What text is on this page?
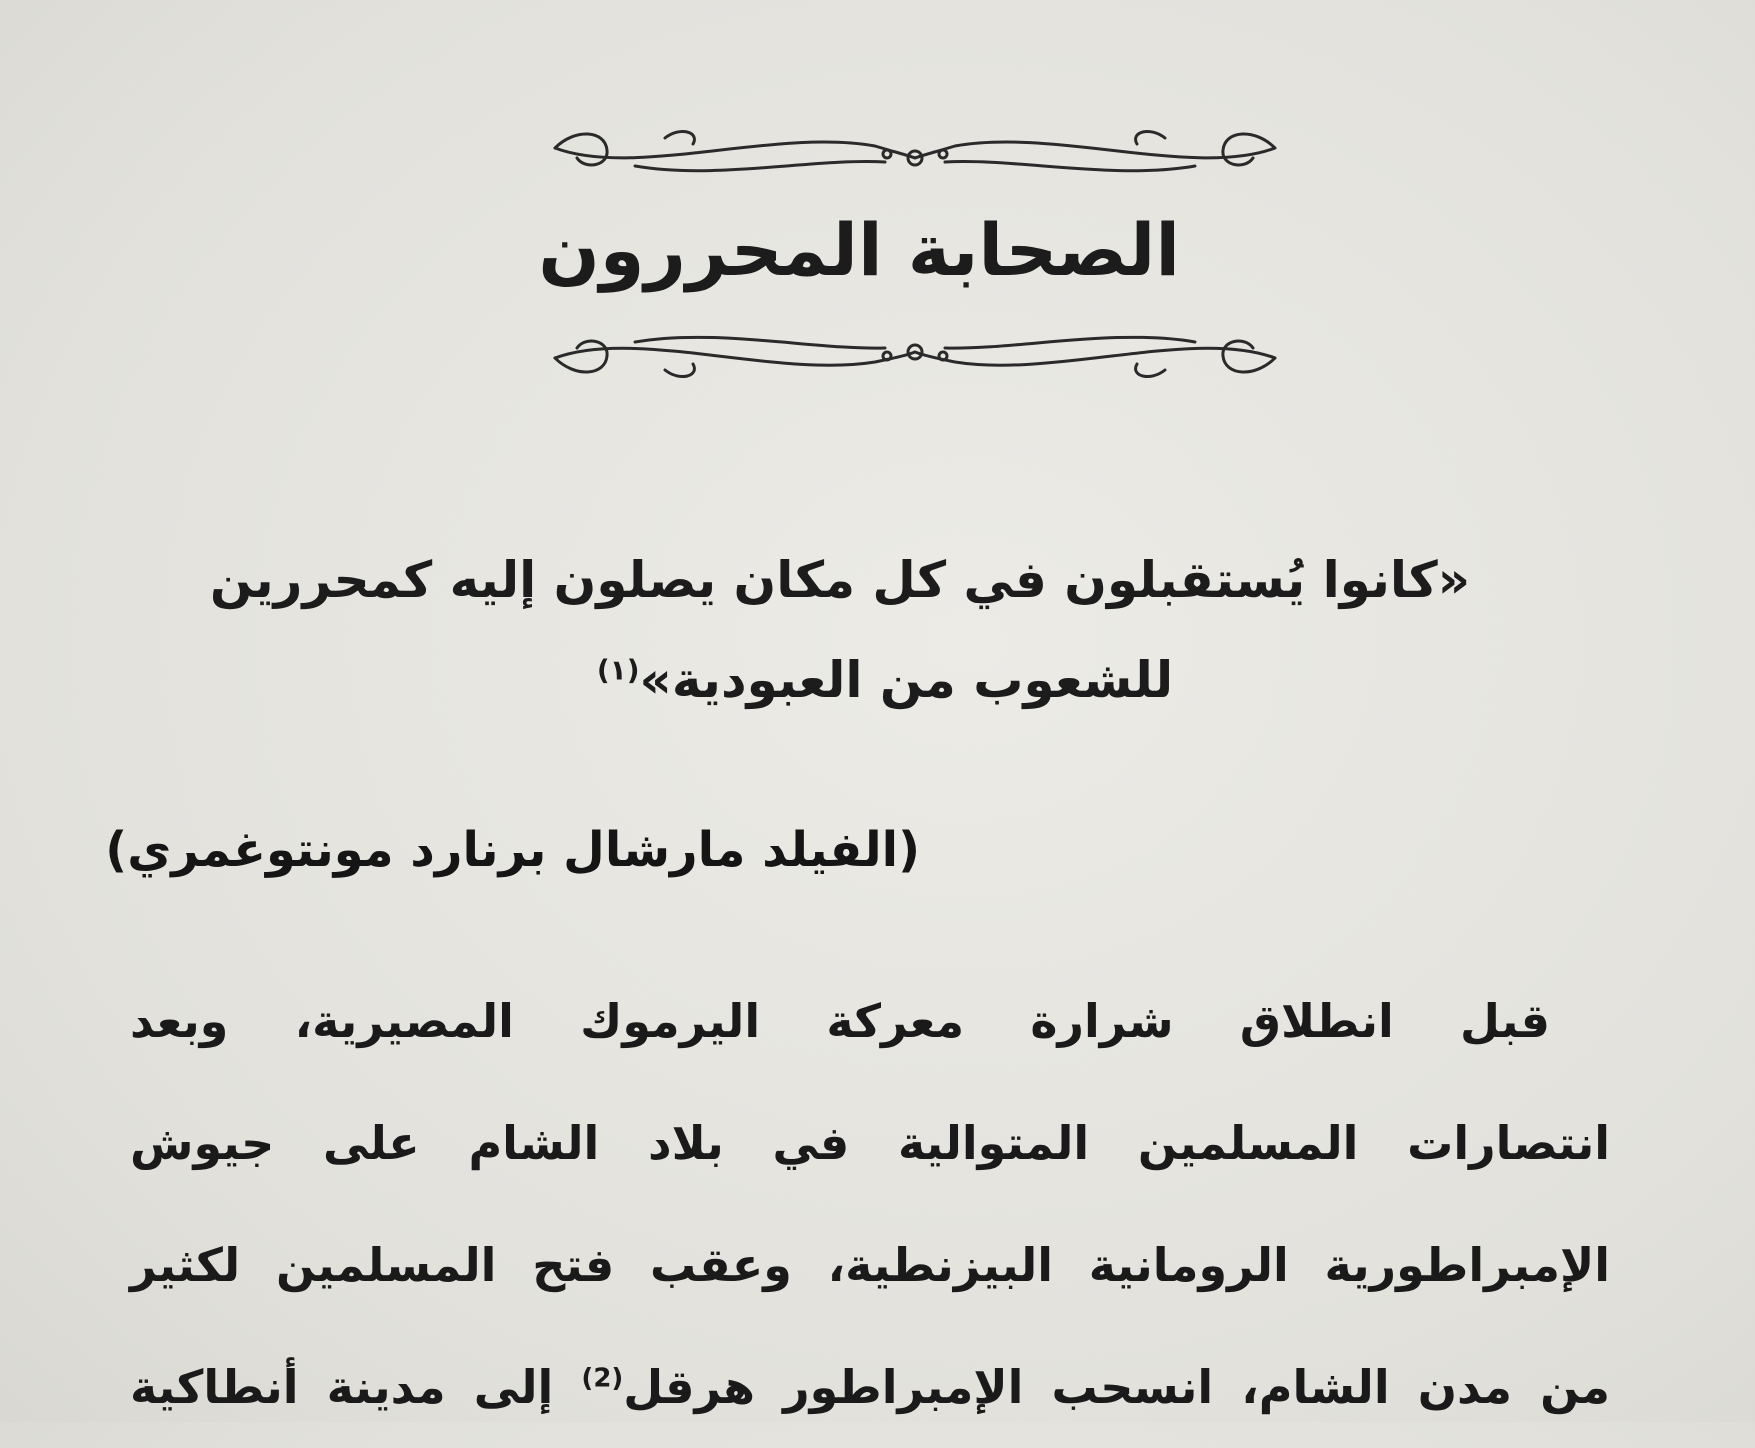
الصحابة المحررون
«كانوا يُستقبلون في كل مكان يصلون إليه كمحررين
للشعوب من العبودية»$^{(١)}$
(الفيلد مارشال برنارد مونتوغمري)
قبل انطلاق شرارة معركة اليرموك المصيرية، وبعد
انتصارات المسلمين المتوالية في بلاد الشام على جيوش
الإمبراطورية الرومانية البيزنطية، وعقب فتح المسلمين لكثير
من مدن الشام، انسحب الإمبراطور هرقل$^{(2)}$ إلى مدينة أنطاكية
